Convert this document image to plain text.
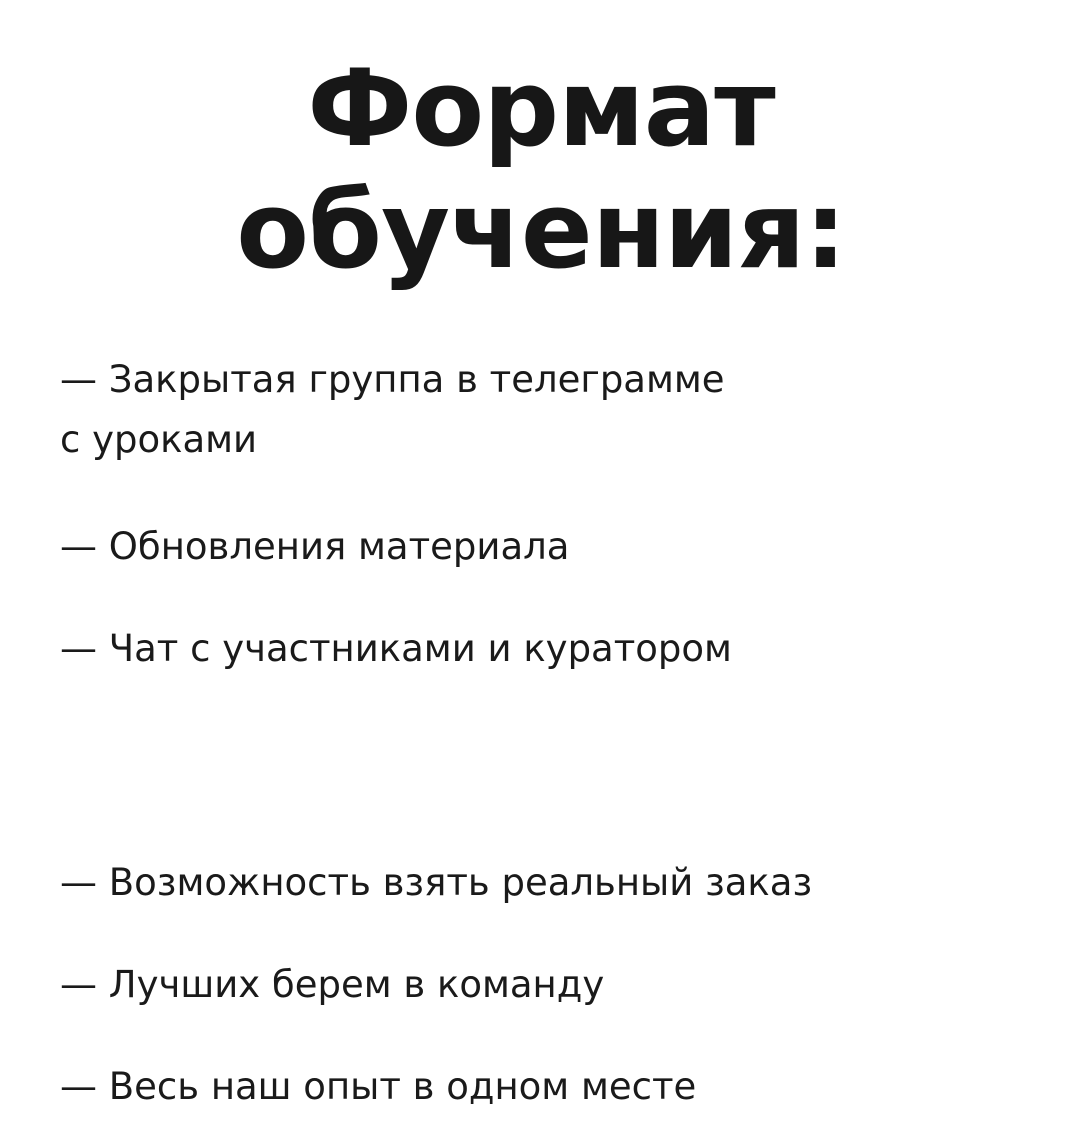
Формат
обучения:

— Закрытая группа в телеграмме
с уроками

— Обновления материала

— Чат с участниками и куратором

— Возможность взять реальный заказ

— Лучших берем в команду

— Весь наш опыт в одном месте
